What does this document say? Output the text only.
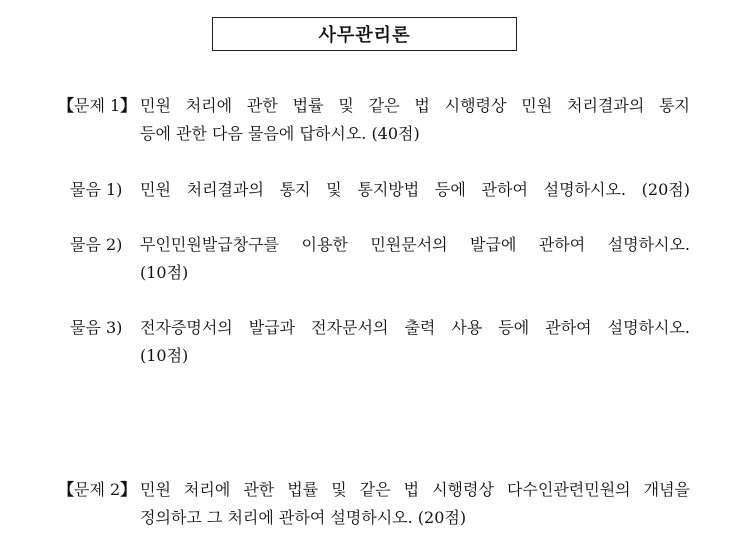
사무관리론
【문제 1】 민원 처리에 관한 법률 및 같은 법 시행령상 민원 처리결과의 통지
등에 관한 다음 물음에 답하시오. (40점)
물음 1) 민원 처리결과의 통지 및 통지방법 등에 관하여 설명하시오. (20점)
물음 2) 무인민원발급창구를 이용한 민원문서의 발급에 관하여 설명하시오.
(10점)
물음 3) 전자증명서의 발급과 전자문서의 출력 사용 등에 관하여 설명하시오.
(10점)
【문제 2】 민원 처리에 관한 법률 및 같은 법 시행령상 다수인관련민원의 개념을
정의하고 그 처리에 관하여 설명하시오. (20점)
